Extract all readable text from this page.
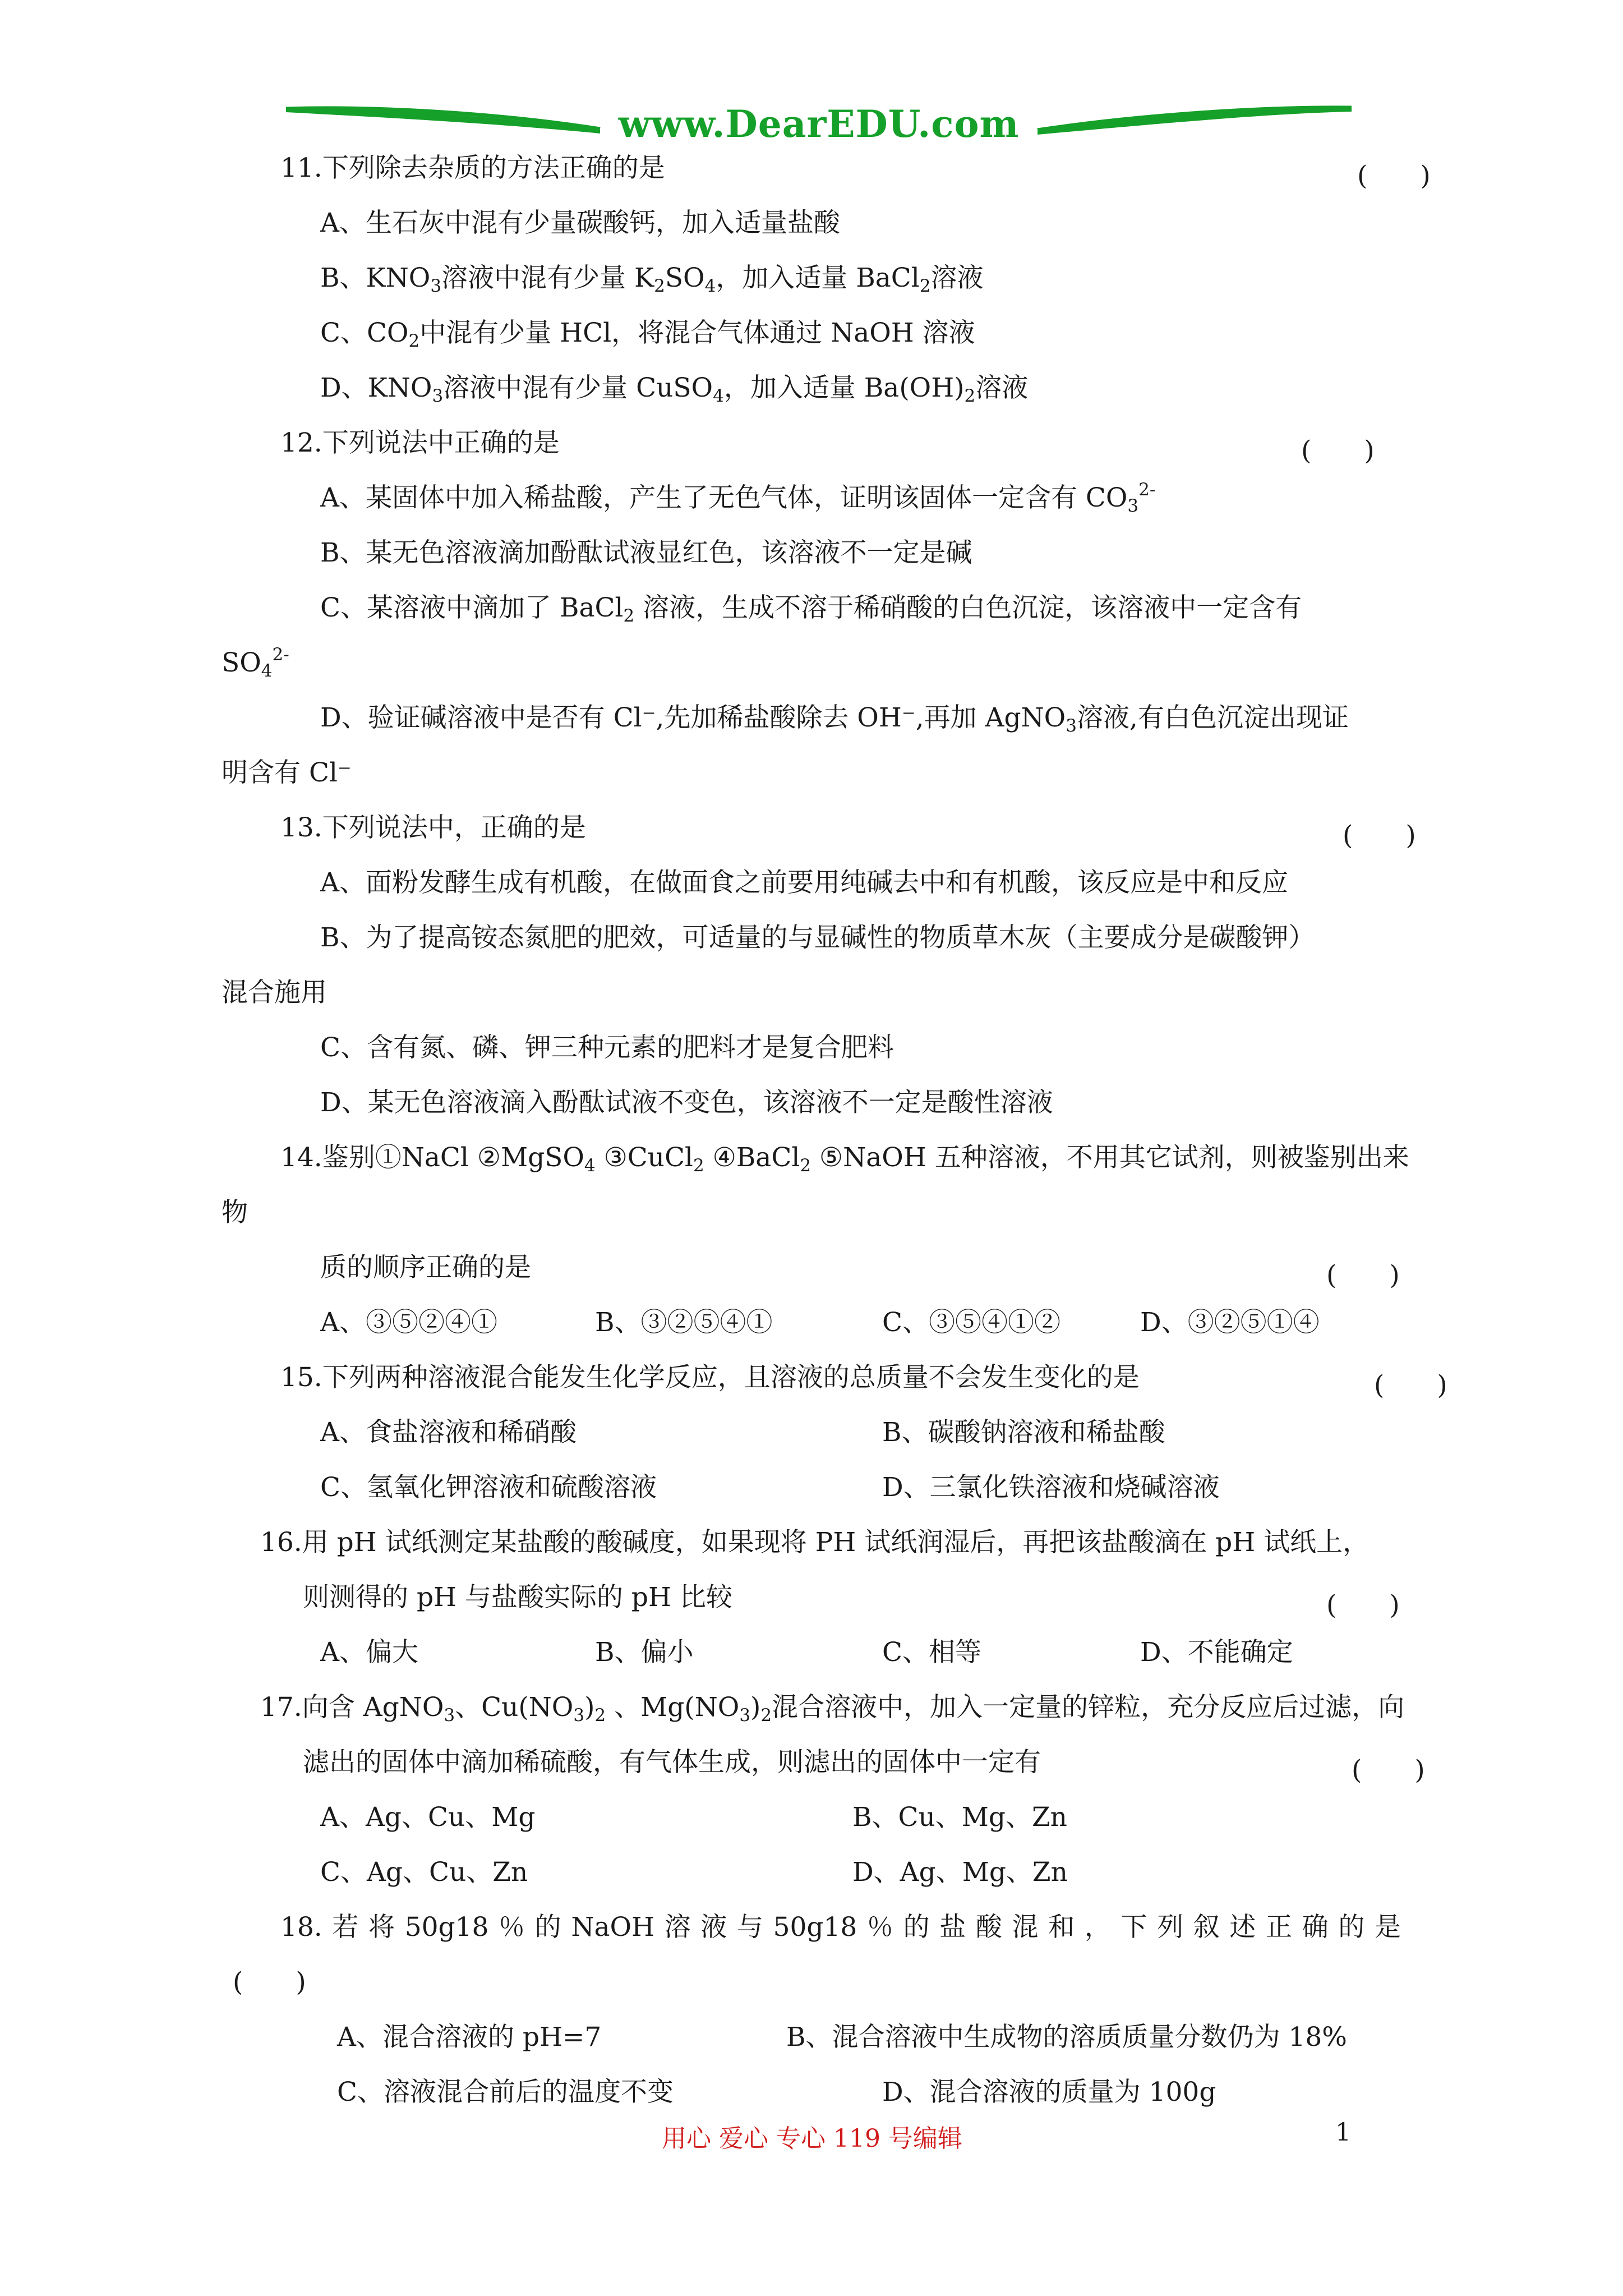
www.DearEDU.com
11.下列除去杂质的方法正确的是	(　　)
A、生石灰中混有少量碳酸钙，加入适量盐酸
B、$KNO_3$溶液中混有少量 $K_2SO_4$，加入适量 BaCl$_2$溶液
C、$CO_2$中混有少量 HCl，将混合气体通过 NaOH 溶液
D、$KNO_3$溶液中混有少量 CuSO$_4$，加入适量 $Ba(OH)_2$溶液
12.下列说法中正确的是	(　　)
A、某固体中加入稀盐酸，产生了无色气体，证明该固体一定含有 $CO_3^{2-}$
B、某无色溶液滴加酚酞试液显红色，该溶液不一定是碱
C、某溶液中滴加了 BaCl$_2$ 溶液，生成不溶于稀硝酸的白色沉淀，该溶液中一定含有
$SO_4^{2-}$
D、验证碱溶液中是否有 Cl⁻,先加稀盐酸除去 OH⁻,再加 AgNO$_3$溶液,有白色沉淀出现证
明含有 Cl⁻
13.下列说法中，正确的是	(　　)
A、面粉发酵生成有机酸，在做面食之前要用纯碱去中和有机酸，该反应是中和反应
B、为了提高铵态氮肥的肥效，可适量的与显碱性的物质草木灰（主要成分是碳酸钾）
混合施用
C、含有氮、磷、钾三种元素的肥料才是复合肥料
D、某无色溶液滴入酚酞试液不变色，该溶液不一定是酸性溶液
14.鉴别①NaCl ②MgSO$_4$ ③CuCl$_2$ ④BaCl$_2$ ⑤NaOH 五种溶液，不用其它试剂，则被鉴别出来
物
质的顺序正确的是	(　　)
A、③⑤②④①	B、③②⑤④①	C、③⑤④①②	D、③②⑤①④
15.下列两种溶液混合能发生化学反应，且溶液的总质量不会发生变化的是	(　　)
A、食盐溶液和稀硝酸	B、碳酸钠溶液和稀盐酸
C、氢氧化钾溶液和硫酸溶液	D、三氯化铁溶液和烧碱溶液
16.用 pH 试纸测定某盐酸的酸碱度，如果现将 PH 试纸润湿后，再把该盐酸滴在 pH 试纸上，
则测得的 pH 与盐酸实际的 pH 比较	(　　)
A、偏大	B、偏小	C、相等	D、不能确定
17.向含 AgNO$_3$、$Cu(NO_3)_2$ 、$Mg(NO_3)_2$混合溶液中，加入一定量的锌粒，充分反应后过滤，向
滤出的固体中滴加稀硫酸，有气体生成，则滤出的固体中一定有	(　　)
A、Ag、Cu、Mg	B、Cu、Mg、Zn
C、Ag、Cu、Zn	D、Ag、Mg、Zn
18.若将50g18％的NaOH溶液与50g18％的盐酸混和，下列叙述正确的是
(　　)
A、混合溶液的 pH=7	B、混合溶液中生成物的溶质质量分数仍为 18%
C、溶液混合前后的温度不变	D、混合溶液的质量为 100g
用心 爱心 专心 119 号编辑	1
